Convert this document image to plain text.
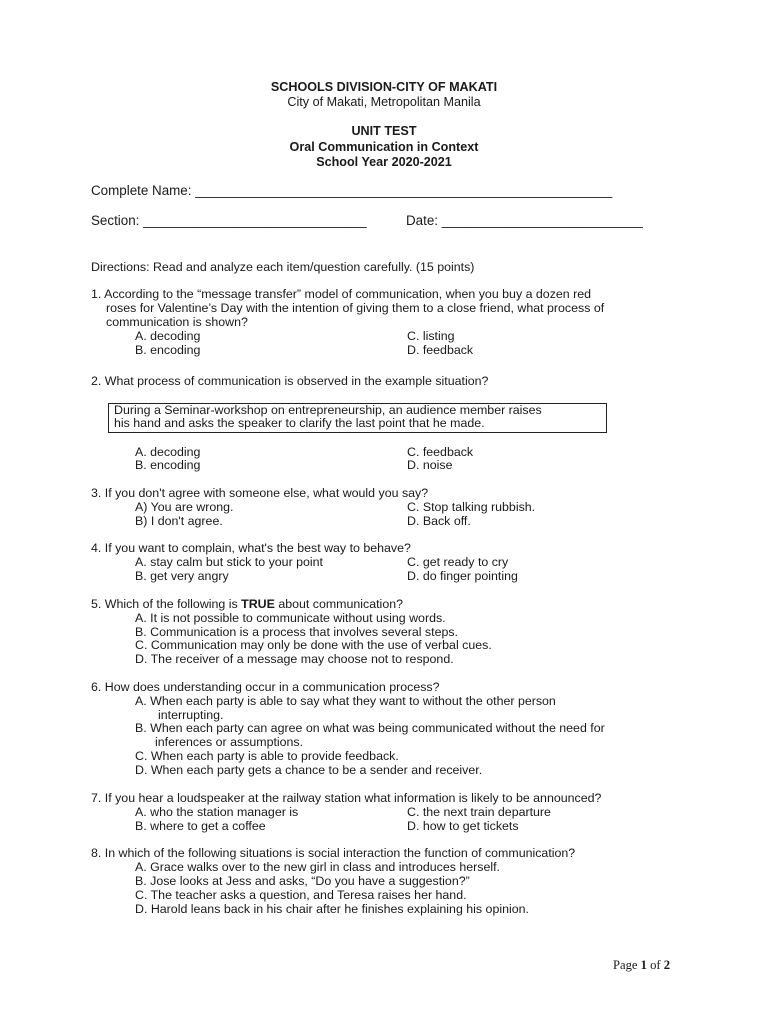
SCHOOLS DIVISION-CITY OF MAKATI
City of Makati, Metropolitan Manila
UNIT TEST
Oral Communication in Context
School Year 2020-2021
Complete Name: ________________________________________________________
Section: ______________________________	Date: ___________________________
Directions: Read and analyze each item/question carefully. (15 points)
1. According to the “message transfer” model of communication, when you buy a dozen red
roses for Valentine’s Day with the intention of giving them to a close friend, what process of
communication is shown?
A. decoding	C. listing
B. encoding	D. feedback
2. What process of communication is observed in the example situation?
During a Seminar-workshop on entrepreneurship, an audience member raises
his hand and asks the speaker to clarify the last point that he made.
A. decoding	C. feedback
B. encoding	D. noise
3. If you don't agree with someone else, what would you say?
A) You are wrong.	C. Stop talking rubbish.
B) I don't agree.	D. Back off.
4. If you want to complain, what's the best way to behave?
A. stay calm but stick to your point	C. get ready to cry
B. get very angry	D. do finger pointing
5. Which of the following is TRUE about communication?
A. It is not possible to communicate without using words.
B. Communication is a process that involves several steps.
C. Communication may only be done with the use of verbal cues.
D. The receiver of a message may choose not to respond.
6. How does understanding occur in a communication process?
A. When each party is able to say what they want to without the other person
interrupting.
B. When each party can agree on what was being communicated without the need for
inferences or assumptions.
C. When each party is able to provide feedback.
D. When each party gets a chance to be a sender and receiver.
7. If you hear a loudspeaker at the railway station what information is likely to be announced?
A. who the station manager is	C. the next train departure
B. where to get a coffee	D. how to get tickets
8. In which of the following situations is social interaction the function of communication?
A. Grace walks over to the new girl in class and introduces herself.
B. Jose looks at Jess and asks, “Do you have a suggestion?”
C. The teacher asks a question, and Teresa raises her hand.
D. Harold leans back in his chair after he finishes explaining his opinion.
Page 1 of 2
